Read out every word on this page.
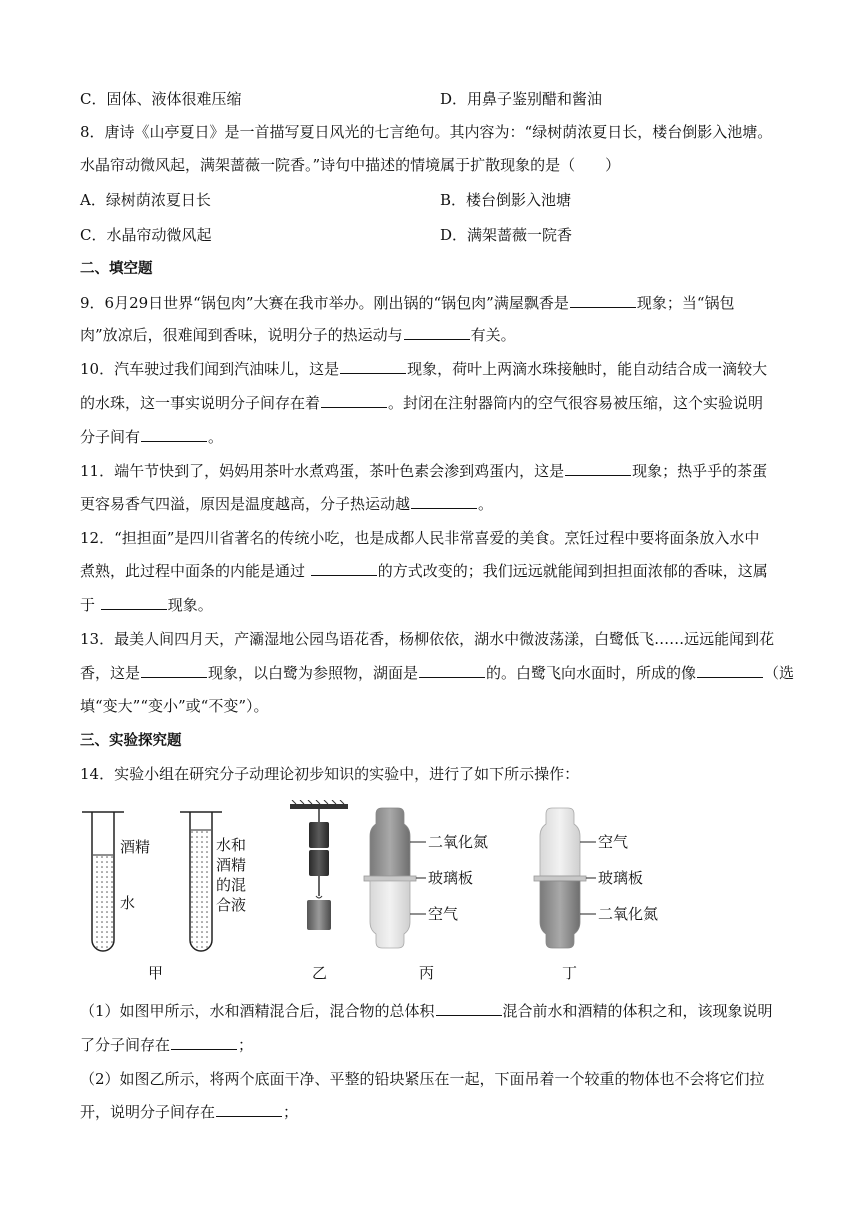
C．固体、液体很难压缩	D．用鼻子鉴别醋和酱油
8．唐诗《山亭夏日》是一首描写夏日风光的七言绝句。其内容为：“绿树荫浓夏日长，楼台倒影入池塘。
水晶帘动微风起，满架蔷薇一院香。”诗句中描述的情境属于扩散现象的是（　　）
A．绿树荫浓夏日长	B．楼台倒影入池塘
C．水晶帘动微风起	D．满架蔷薇一院香
二、填空题
9．6月29日世界“锅包肉”大赛在我市举办。刚出锅的“锅包肉”满屋飘香是	现象；当“锅包
肉”放凉后，很难闻到香味，说明分子的热运动与	有关。
10．汽车驶过我们闻到汽油味儿，这是	现象，荷叶上两滴水珠接触时，能自动结合成一滴较大
的水珠，这一事实说明分子间存在着	。封闭在注射器筒内的空气很容易被压缩，这个实验说明
分子间有	。
11．端午节快到了，妈妈用茶叶水煮鸡蛋，茶叶色素会渗到鸡蛋内，这是	现象；热乎乎的茶蛋
更容易香气四溢，原因是温度越高，分子热运动越	。
12．“担担面”是四川省著名的传统小吃，也是成都人民非常喜爱的美食。烹饪过程中要将面条放入水中
煮熟，此过程中面条的内能是通过	的方式改变的；我们远远就能闻到担担面浓郁的香味，这属
于	现象。
13．最美人间四月天，产灞湿地公园鸟语花香，杨柳依依，湖水中微波荡漾，白鹭低飞……远远能闻到花
香，这是	现象，以白鹭为参照物，湖面是	的。白鹭飞向水面时，所成的像	（选
填“变大”“变小”或“不变”）。
三、实验探究题
14．实验小组在研究分子动理论初步知识的实验中，进行了如下所示操作：
酒精
水
水和
酒精
的混
合液
二氧化氮
玻璃板
空气
空气
玻璃板
二氧化氮
甲	乙	丙	丁
（1）如图甲所示，水和酒精混合后，混合物的总体积	混合前水和酒精的体积之和，该现象说明
了分子间存在	；
（2）如图乙所示，将两个底面干净、平整的铅块紧压在一起，下面吊着一个较重的物体也不会将它们拉
开，说明分子间存在	；
